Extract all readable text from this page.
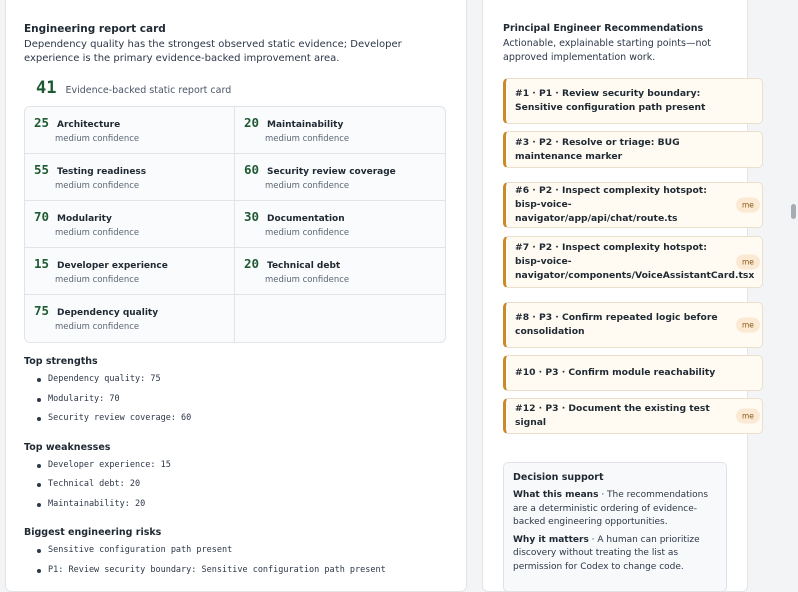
Engineering report card
Dependency quality has the strongest observed static evidence; Developer experience is the primary evidence-backed improvement area.
41 Evidence-backed static report card
25 Architecture
medium confidence
20 Maintainability
medium confidence
55 Testing readiness
medium confidence
60 Security review coverage
medium confidence
70 Modularity
medium confidence
30 Documentation
medium confidence
15 Developer experience
medium confidence
20 Technical debt
medium confidence
75 Dependency quality
medium confidence
Top strengths
Dependency quality: 75
Modularity: 70
Security review coverage: 60
Top weaknesses
Developer experience: 15
Technical debt: 20
Maintainability: 20
Biggest engineering risks
Sensitive configuration path present
P1: Review security boundary: Sensitive configuration path present
Principal Engineer Recommendations
Actionable, explainable starting points—not approved implementation work.
#1 · P1 · Review security boundary: Sensitive configuration path present
#3 · P2 · Resolve or triage: BUG maintenance marker
#6 · P2 · Inspect complexity hotspot: bisp-voice-navigator/app/api/chat/route.ts
me
#7 · P2 · Inspect complexity hotspot: bisp-voice-navigator/components/VoiceAssistantCard.tsx
me
#8 · P3 · Confirm repeated logic before consolidation
me
#10 · P3 · Confirm module reachability
#12 · P3 · Document the existing test signal
me
Decision support
What this means · The recommendations are a deterministic ordering of evidence-backed engineering opportunities.
Why it matters · A human can prioritize discovery without treating the list as permission for Codex to change code.
